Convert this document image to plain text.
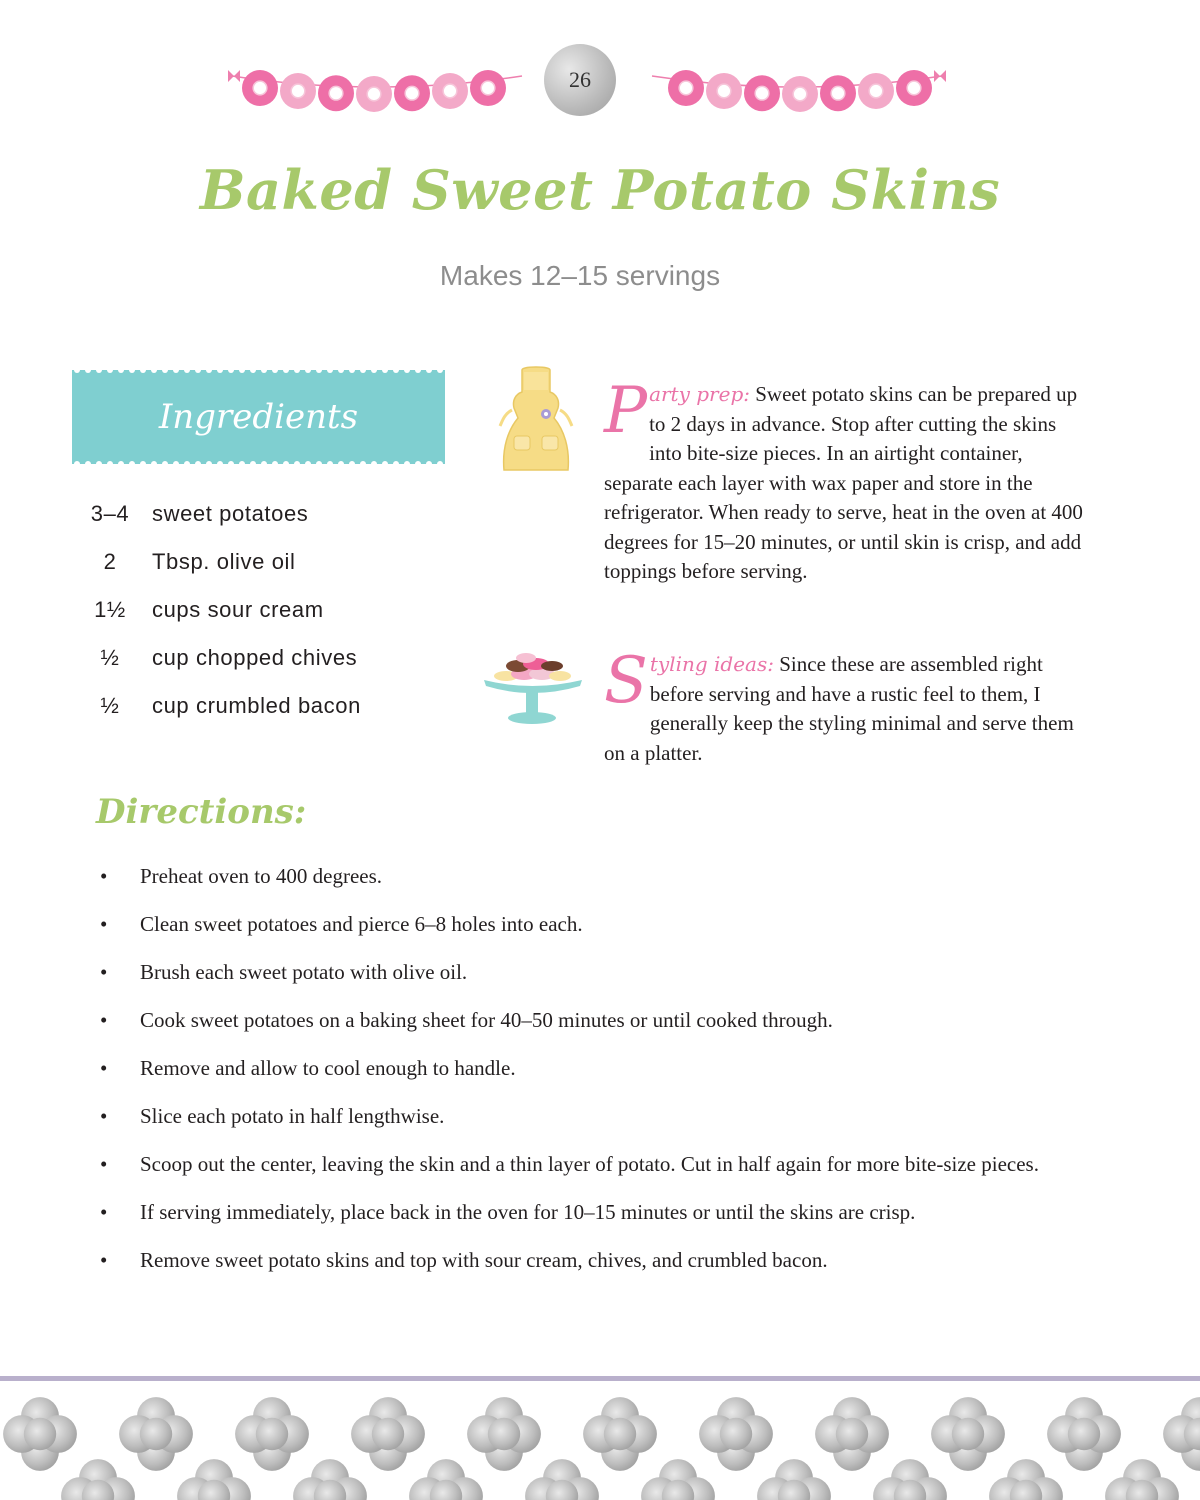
26
Baked Sweet Potato Skins
Makes 12–15 servings
Ingredients
3–4	sweet potatoes
2	Tbsp. olive oil
1½	cups sour cream
½	cup chopped chives
½	cup crumbled bacon
Party prep: Sweet potato skins can be prepared up to 2 days in advance. Stop after cutting the skins into bite-size pieces. In an airtight container, separate each layer with wax paper and store in the refrigerator. When ready to serve, heat in the oven at 400 degrees for 15–20 minutes, or until skin is crisp, and add toppings before serving.
Styling ideas: Since these are assembled right before serving and have a rustic feel to them, I generally keep the styling minimal and serve them on a platter.
Directions:
• Preheat oven to 400 degrees.
• Clean sweet potatoes and pierce 6–8 holes into each.
• Brush each sweet potato with olive oil.
• Cook sweet potatoes on a baking sheet for 40–50 minutes or until cooked through.
• Remove and allow to cool enough to handle.
• Slice each potato in half lengthwise.
• Scoop out the center, leaving the skin and a thin layer of potato. Cut in half again for more bite-size pieces.
• If serving immediately, place back in the oven for 10–15 minutes or until the skins are crisp.
• Remove sweet potato skins and top with sour cream, chives, and crumbled bacon.
